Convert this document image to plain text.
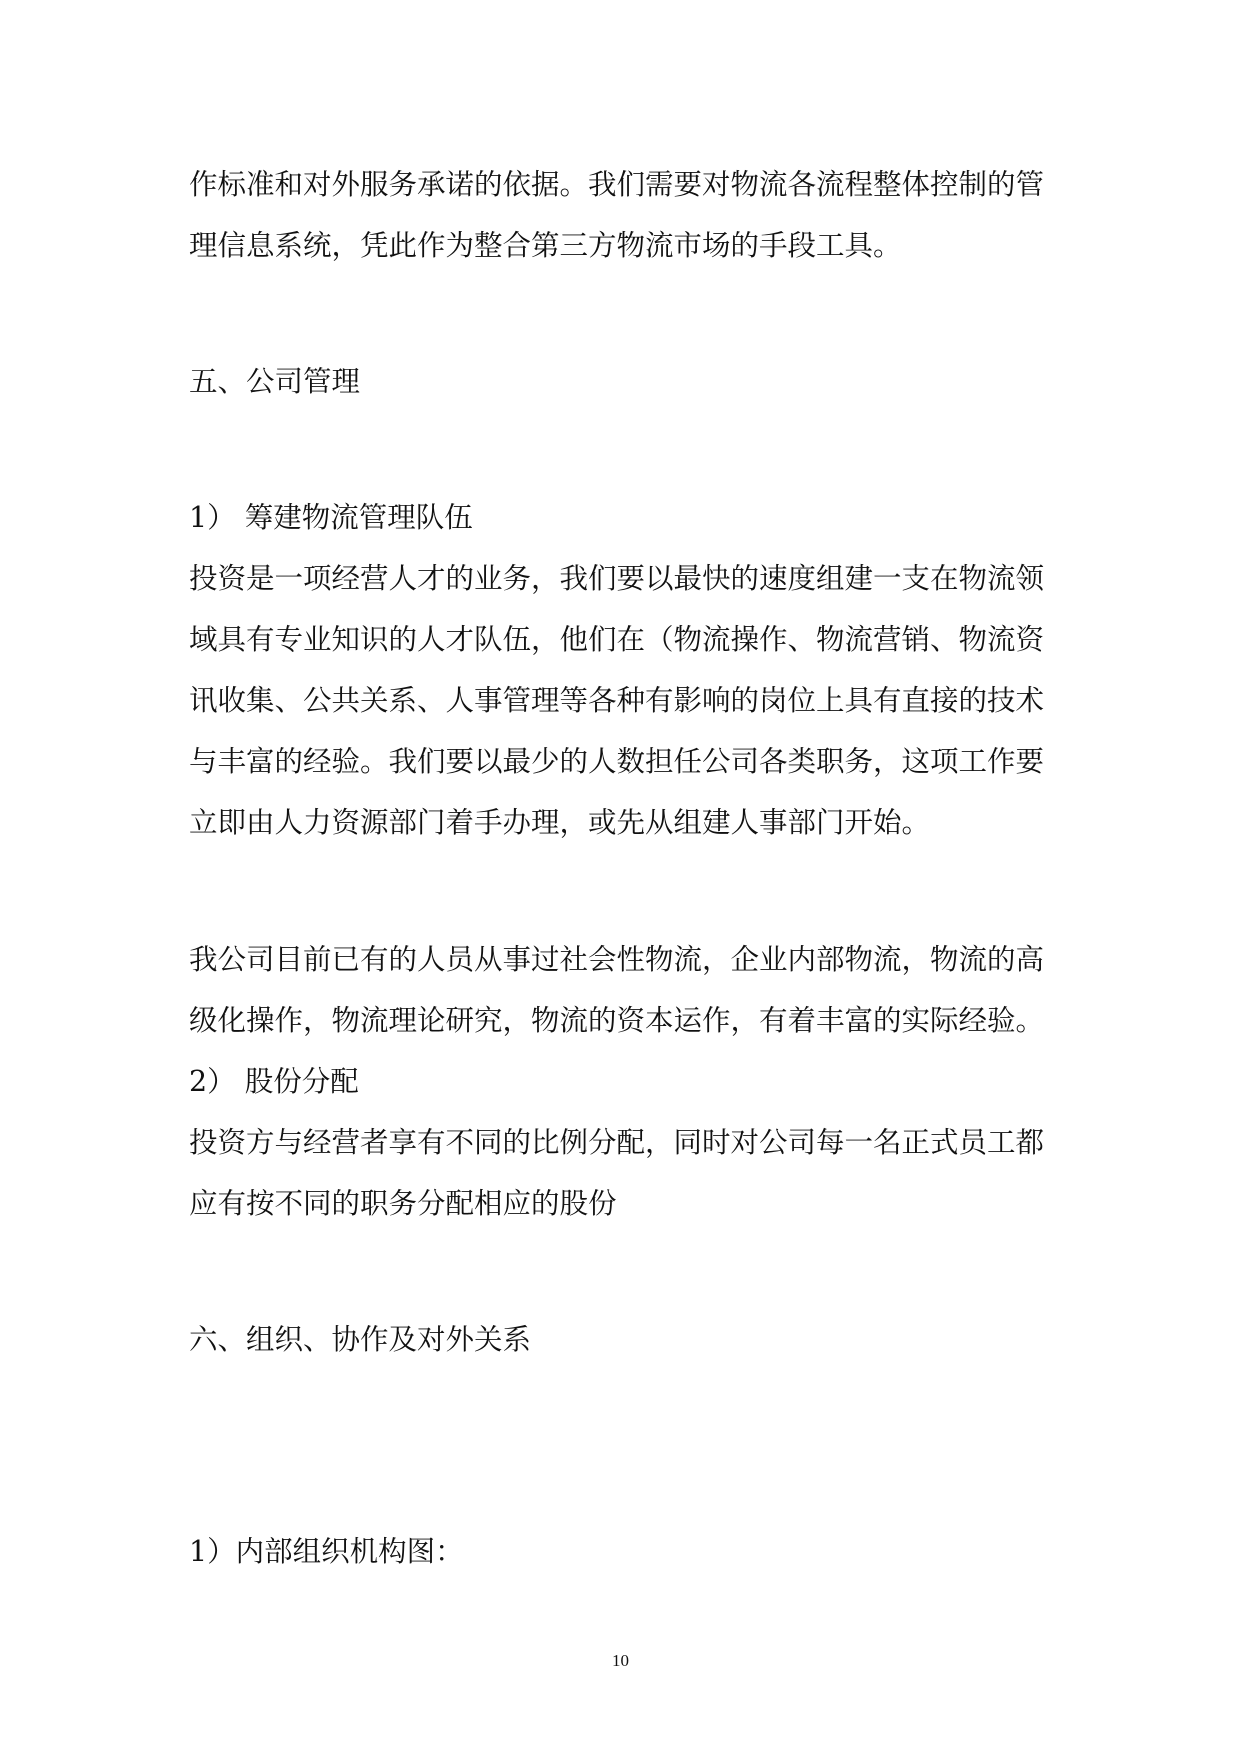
作标准和对外服务承诺的依据。我们需要对物流各流程整体控制的管
理信息系统，凭此作为整合第三方物流市场的手段工具。
五、公司管理
1） 筹建物流管理队伍
投资是一项经营人才的业务，我们要以最快的速度组建一支在物流领
域具有专业知识的人才队伍，他们在（物流操作、物流营销、物流资
讯收集、公共关系、人事管理等各种有影响的岗位上具有直接的技术
与丰富的经验。我们要以最少的人数担任公司各类职务，这项工作要
立即由人力资源部门着手办理，或先从组建人事部门开始。
我公司目前已有的人员从事过社会性物流，企业内部物流，物流的高
级化操作，物流理论研究，物流的资本运作，有着丰富的实际经验。
2） 股份分配
投资方与经营者享有不同的比例分配，同时对公司每一名正式员工都
应有按不同的职务分配相应的股份
六、组织、协作及对外关系
1）内部组织机构图：
10
